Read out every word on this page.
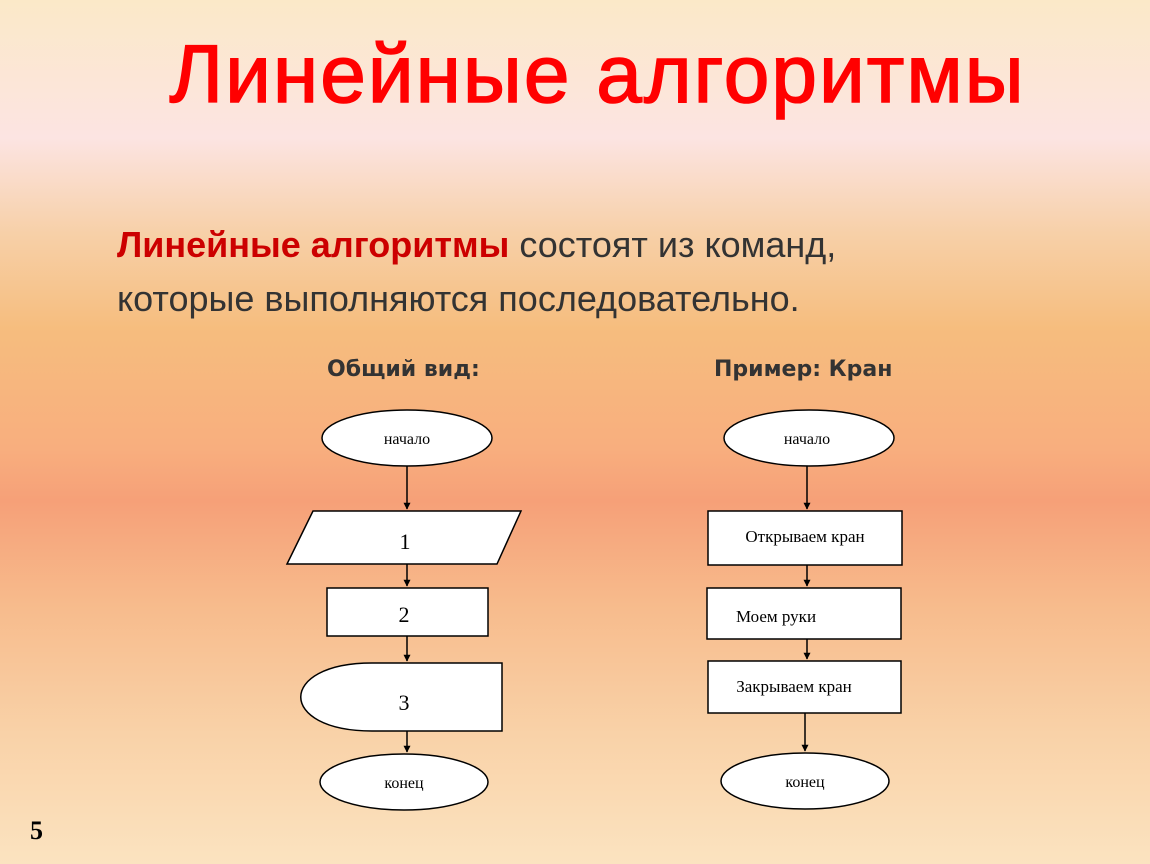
Линейные алгоритмы
Линейные алгоритмы состоят из команд,
которые выполняются последовательно.
Общий вид:	Пример: Кран
начало
1
2
3
конец
начало
Открываем кран
Моем руки
Закрываем кран
конец
5
